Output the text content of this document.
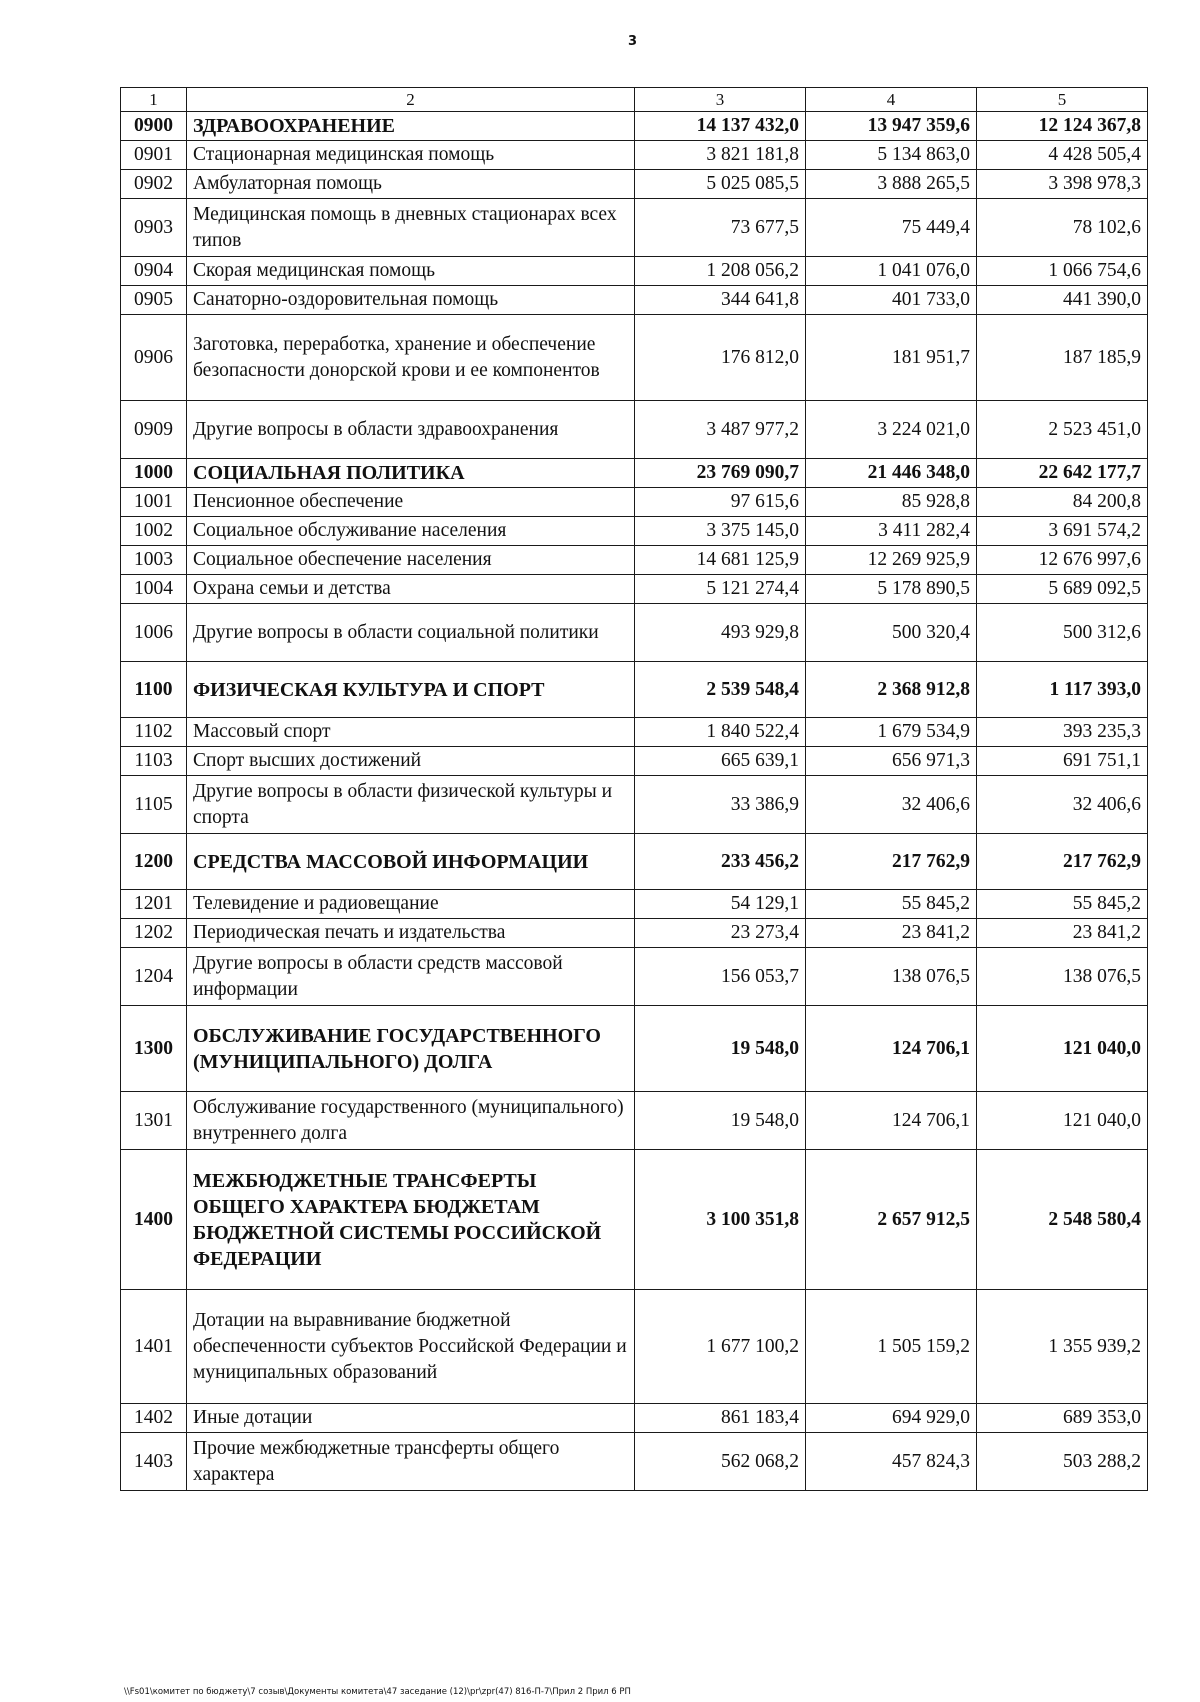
3
1	2	3	4	5
0900	ЗДРАВООХРАНЕНИЕ	14 137 432,0	13 947 359,6	12 124 367,8
0901	Стационарная медицинская помощь	3 821 181,8	5 134 863,0	4 428 505,4
0902	Амбулаторная помощь	5 025 085,5	3 888 265,5	3 398 978,3
0903	Медицинская помощь в дневных стационарах всех типов	73 677,5	75 449,4	78 102,6
0904	Скорая медицинская помощь	1 208 056,2	1 041 076,0	1 066 754,6
0905	Санаторно-оздоровительная помощь	344 641,8	401 733,0	441 390,0
0906	Заготовка, переработка, хранение и обеспечение безопасности донорской крови и ее компонентов	176 812,0	181 951,7	187 185,9
0909	Другие вопросы в области здравоохранения	3 487 977,2	3 224 021,0	2 523 451,0
1000	СОЦИАЛЬНАЯ ПОЛИТИКА	23 769 090,7	21 446 348,0	22 642 177,7
1001	Пенсионное обеспечение	97 615,6	85 928,8	84 200,8
1002	Социальное обслуживание населения	3 375 145,0	3 411 282,4	3 691 574,2
1003	Социальное обеспечение населения	14 681 125,9	12 269 925,9	12 676 997,6
1004	Охрана семьи и детства	5 121 274,4	5 178 890,5	5 689 092,5
1006	Другие вопросы в области социальной политики	493 929,8	500 320,4	500 312,6
1100	ФИЗИЧЕСКАЯ КУЛЬТУРА И СПОРТ	2 539 548,4	2 368 912,8	1 117 393,0
1102	Массовый спорт	1 840 522,4	1 679 534,9	393 235,3
1103	Спорт высших достижений	665 639,1	656 971,3	691 751,1
1105	Другие вопросы в области физической культуры и спорта	33 386,9	32 406,6	32 406,6
1200	СРЕДСТВА МАССОВОЙ ИНФОРМАЦИИ	233 456,2	217 762,9	217 762,9
1201	Телевидение и радиовещание	54 129,1	55 845,2	55 845,2
1202	Периодическая печать и издательства	23 273,4	23 841,2	23 841,2
1204	Другие вопросы в области средств массовой информации	156 053,7	138 076,5	138 076,5
1300	ОБСЛУЖИВАНИЕ ГОСУДАРСТВЕННОГО (МУНИЦИПАЛЬНОГО) ДОЛГА	19 548,0	124 706,1	121 040,0
1301	Обслуживание государственного (муниципального) внутреннего долга	19 548,0	124 706,1	121 040,0
1400	МЕЖБЮДЖЕТНЫЕ ТРАНСФЕРТЫ ОБЩЕГО ХАРАКТЕРА БЮДЖЕТАМ БЮДЖЕТНОЙ СИСТЕМЫ РОССИЙСКОЙ ФЕДЕРАЦИИ	3 100 351,8	2 657 912,5	2 548 580,4
1401	Дотации на выравнивание бюджетной обеспеченности субъектов Российской Федерации и муниципальных образований	1 677 100,2	1 505 159,2	1 355 939,2
1402	Иные дотации	861 183,4	694 929,0	689 353,0
1403	Прочие межбюджетные трансферты общего характера	562 068,2	457 824,3	503 288,2
\\Fs01\комитет по бюджету\7 созыв\Документы комитета\47 заседание (12)\pr\zpr(47) 816-П-7\Прил 2 Прил 6 РП
